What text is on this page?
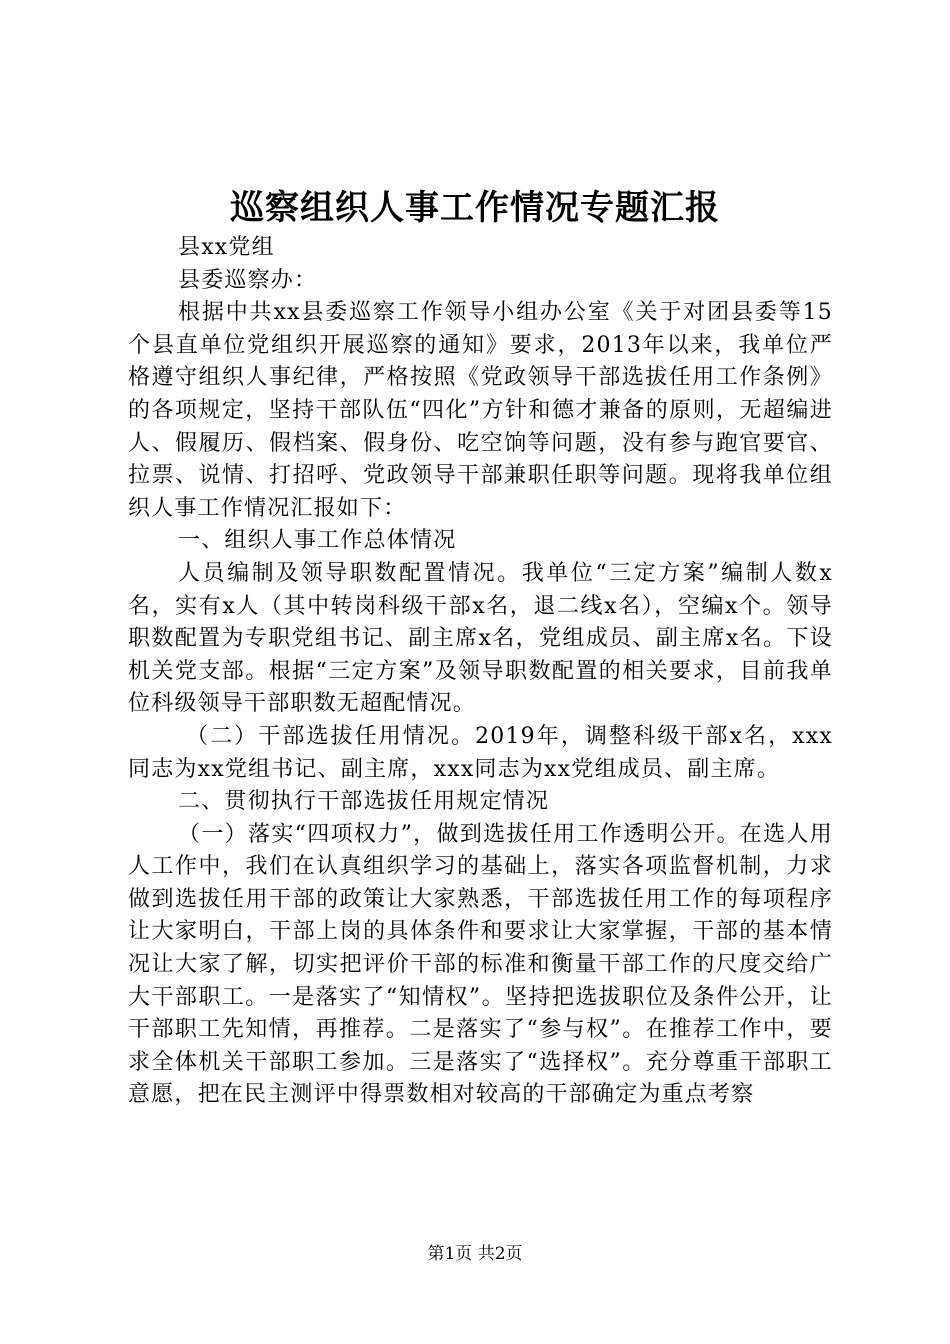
巡察组织人事工作情况专题汇报

县xx党组

县委巡察办：

根据中共xx县委巡察工作领导小组办公室《关于对团县委等15个县直单位党组织开展巡察的通知》要求，2013年以来，我单位严格遵守组织人事纪律，严格按照《党政领导干部选拔任用工作条例》的各项规定，坚持干部队伍“四化”方针和德才兼备的原则，无超编进人、假履历、假档案、假身份、吃空饷等问题，没有参与跑官要官、拉票、说情、打招呼、党政领导干部兼职任职等问题。现将我单位组织人事工作情况汇报如下：

一、组织人事工作总体情况

人员编制及领导职数配置情况。我单位“三定方案”编制人数x名，实有x人（其中转岗科级干部x名，退二线x名），空编x个。领导职数配置为专职党组书记、副主席x名，党组成员、副主席x名。下设机关党支部。根据“三定方案”及领导职数配置的相关要求，目前我单位科级领导干部职数无超配情况。

（二）干部选拔任用情况。2019年，调整科级干部x名，xxx同志为xx党组书记、副主席，xxx同志为xx党组成员、副主席。

二、贯彻执行干部选拔任用规定情况

（一）落实“四项权力”，做到选拔任用工作透明公开。在选人用人工作中，我们在认真组织学习的基础上，落实各项监督机制，力求做到选拔任用干部的政策让大家熟悉，干部选拔任用工作的每项程序让大家明白，干部上岗的具体条件和要求让大家掌握，干部的基本情况让大家了解，切实把评价干部的标准和衡量干部工作的尺度交给广大干部职工。一是落实了“知情权”。坚持把选拔职位及条件公开，让干部职工先知情，再推荐。二是落实了“参与权”。在推荐工作中，要求全体机关干部职工参加。三是落实了“选择权”。充分尊重干部职工意愿，把在民主测评中得票数相对较高的干部确定为重点考察

第1页 共2页
